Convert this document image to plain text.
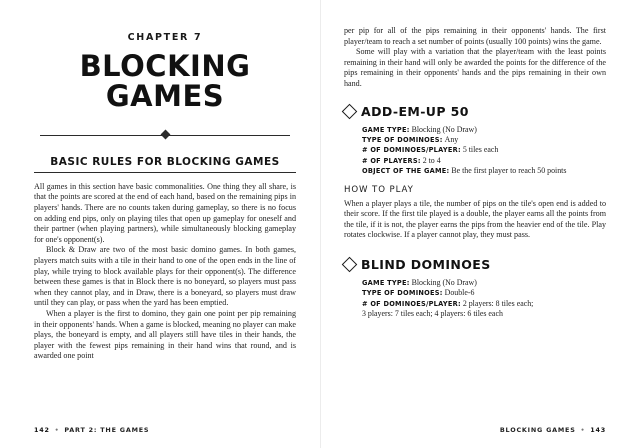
CHAPTER 7
BLOCKING GAMES
BASIC RULES FOR BLOCKING GAMES

All games in this section have basic commonalities. One thing they all share, is that the points are scored at the end of each hand, based on the remaining pips in players' hands. There are no counts taken during gameplay, so there is no focus on adding end pips, only on playing tiles that open up gameplay for oneself and their partner (when playing partners), while simultaneously blocking gameplay for one's opponent(s).

Block & Draw are two of the most basic domino games. In both games, players match suits with a tile in their hand to one of the open ends in the line of play, while trying to block available plays for their opponent(s). The difference between these games is that in Block there is no boneyard, so players must pass when they cannot play, and in Draw, there is a boneyard, so players must draw until they can play, or pass when the yard has been emptied.

When a player is the first to domino, they gain one point per pip remaining in their opponents' hands. When a game is blocked, meaning no player can make plays, the boneyard is empty, and all players still have tiles in their hands, the player with the fewest pips remaining in their hand wins that round, and is awarded one point

142 • PART 2: THE GAMES

per pip for all of the pips remaining in their opponents' hands. The first player/team to reach a set number of points (usually 100 points) wins the game.

Some will play with a variation that the player/team with the least points remaining in their hand will only be awarded the points for the difference of the pips remaining in their opponents' hands and the pips remaining in their own hand.

ADD-EM-UP 50
GAME TYPE: Blocking (No Draw)
TYPE OF DOMINOES: Any
# OF DOMINOES/PLAYER: 5 tiles each
# OF PLAYERS: 2 to 4
OBJECT OF THE GAME: Be the first player to reach 50 points
HOW TO PLAY

When a player plays a tile, the number of pips on the tile's open end is added to their score. If the first tile played is a double, the player earns all the points from the tile, if it is not, the player earns the pips from the heavier end of the tile. Play rotates clockwise. If a player cannot play, they must pass.

BLIND DOMINOES
GAME TYPE: Blocking (No Draw)
TYPE OF DOMINOES: Double-6
# OF DOMINOES/PLAYER: 2 players: 8 tiles each;
3 players: 7 tiles each; 4 players: 6 tiles each
BLOCKING GAMES • 143
